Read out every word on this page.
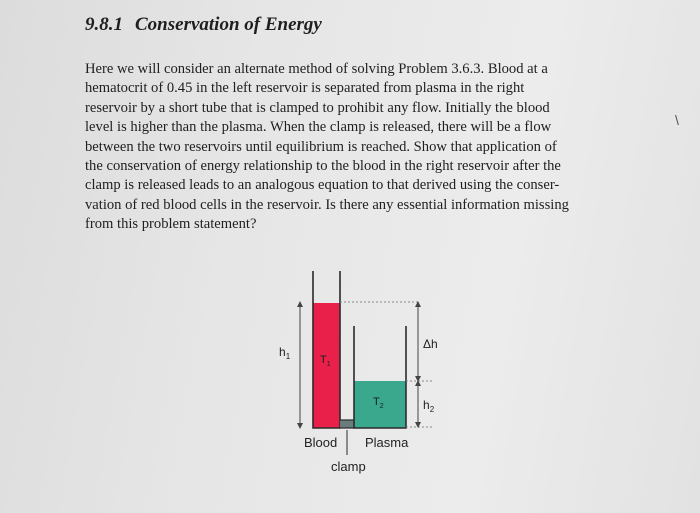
9.8.1 Conservation of Energy
Here we will consider an alternate method of solving Problem 3.6.3. Blood at a
hematocrit of 0.45 in the left reservoir is separated from plasma in the right
reservoir by a short tube that is clamped to prohibit any flow. Initially the blood
level is higher than the plasma. When the clamp is released, there will be a flow
between the two reservoirs until equilibrium is reached. Show that application of
the conservation of energy relationship to the blood in the right reservoir after the
clamp is released leads to an analogous equation to that derived using the conser-
vation of red blood cells in the reservoir. Is there any essential information missing
from this problem statement?
\
$h_1$	$T_1$
$T_2$
Δh
$h_2$
Blood Plasma
clamp
